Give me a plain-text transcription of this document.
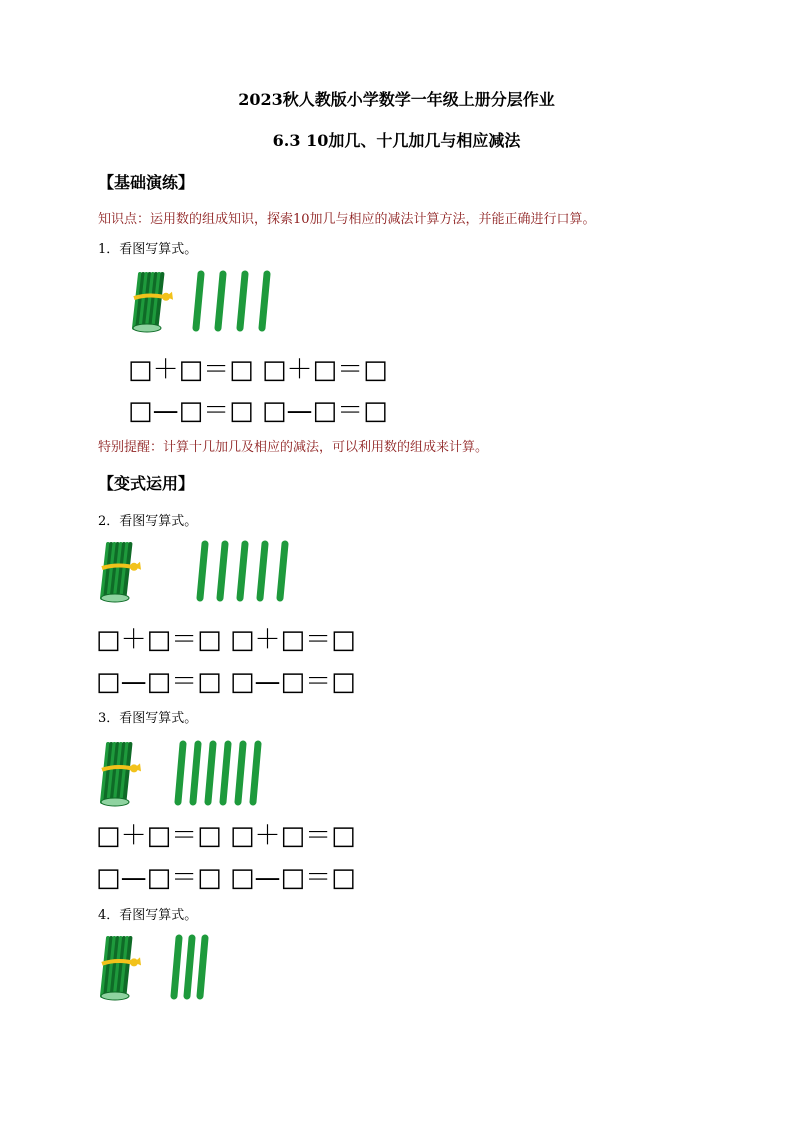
2023秋人教版小学数学一年级上册分层作业
6.3 10加几、十几加几与相应减法
【基础演练】
知识点：运用数的组成知识，探索10加几与相应的减法计算方法，并能正确进行口算。
1．看图写算式。
□＋□＝□ □＋□＝□
□—□＝□ □—□＝□
特别提醒：计算十几加几及相应的减法，可以利用数的组成来计算。
【变式运用】
2．看图写算式。
□＋□＝□ □＋□＝□
□—□＝□ □—□＝□
3．看图写算式。
□＋□＝□ □＋□＝□
□—□＝□ □—□＝□
4．看图写算式。
